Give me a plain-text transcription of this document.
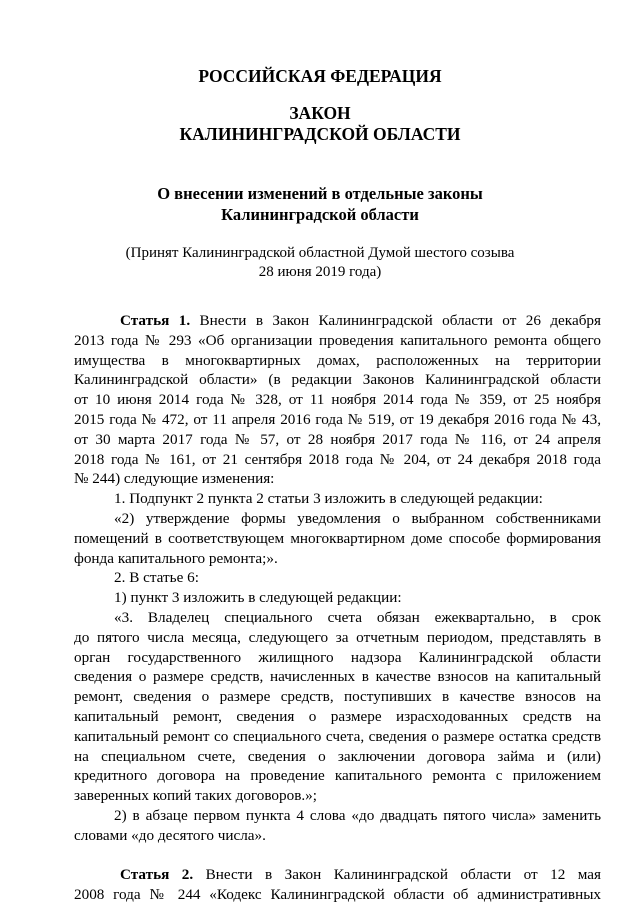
РОССИЙСКАЯ ФЕДЕРАЦИЯ
ЗАКОН
КАЛИНИНГРАДСКОЙ ОБЛАСТИ
О внесении изменений в отдельные законы
Калининградской области
(Принят Калининградской областной Думой шестого созыва
28 июня 2019 года)
Статья 1. Внести в Закон Калининградской области от 26 декабря
2013 года № 293 «Об организации проведения капитального ремонта общего
имущества в многоквартирных домах, расположенных на территории
Калининградской области» (в редакции Законов Калининградской области
от 10 июня 2014 года № 328, от 11 ноября 2014 года № 359, от 25 ноября
2015 года № 472, от 11 апреля 2016 года № 519, от 19 декабря 2016 года № 43,
от 30 марта 2017 года № 57, от 28 ноября 2017 года № 116, от 24 апреля
2018 года № 161, от 21 сентября 2018 года № 204, от 24 декабря 2018 года
№ 244) следующие изменения:
1. Подпункт 2 пункта 2 статьи 3 изложить в следующей редакции:
«2) утверждение формы уведомления о выбранном собственниками
помещений в соответствующем многоквартирном доме способе формирования
фонда капитального ремонта;».
2. В статье 6:
1) пункт 3 изложить в следующей редакции:
«3. Владелец специального счета обязан ежеквартально, в срок
до пятого числа месяца, следующего за отчетным периодом, представлять в
орган государственного жилищного надзора Калининградской области
сведения о размере средств, начисленных в качестве взносов на капитальный
ремонт, сведения о размере средств, поступивших в качестве взносов на
капитальный ремонт, сведения о размере израсходованных средств на
капитальный ремонт со специального счета, сведения о размере остатка средств
на специальном счете, сведения о заключении договора займа и (или)
кредитного договора на проведение капитального ремонта с приложением
заверенных копий таких договоров.»;
2) в абзаце первом пункта 4 слова «до двадцать пятого числа» заменить
словами «до десятого числа».
Статья 2. Внести в Закон Калининградской области от 12 мая
2008 года № 244 «Кодекс Калининградской области об административных
